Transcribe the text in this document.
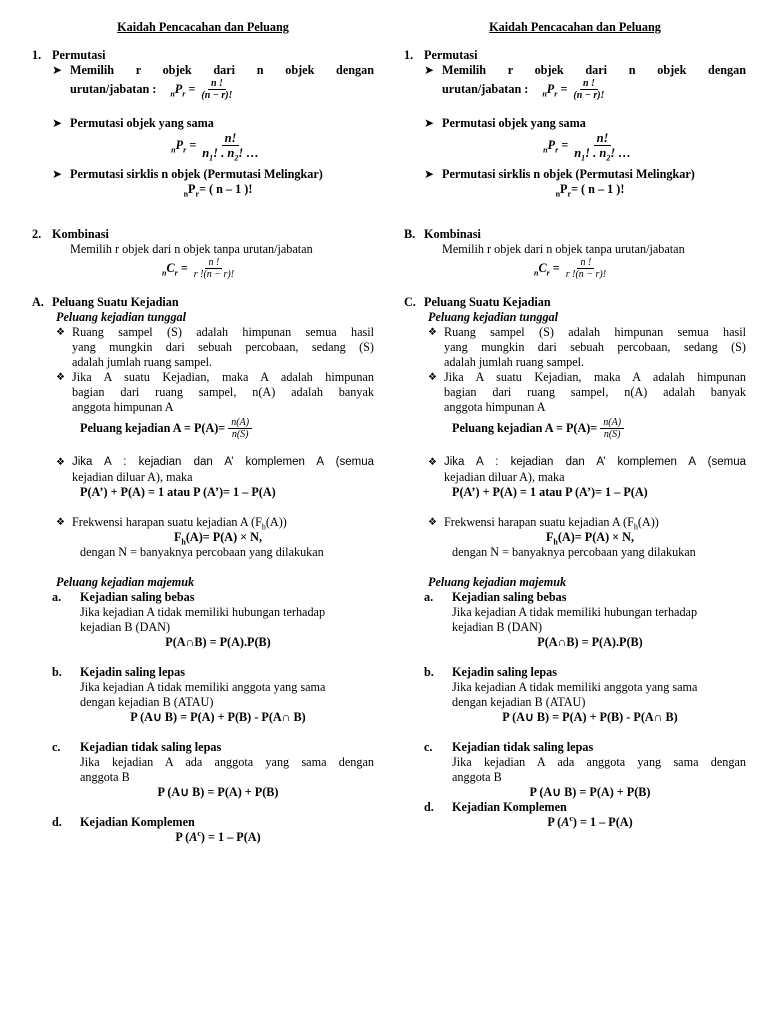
Kaidah Pencacahan dan Peluang
1. Permutasi
➤ Memilih r objek dari n objek dengan
urutan/jabatan : $_nP_r = \frac{n !}{(n - r)!}$
➤ Permutasi objek yang sama
$_nP_r = \frac{n!}{n_1! . n_2! \dots}$
➤ Permutasi sirklis n objek (Permutasi Melingkar)
$_nP_r=$ ( n – 1 )!
2. Kombinasi
Memilih r objek dari n objek tanpa urutan/jabatan
$_nC_r = \frac{n !}{r !(n - r)!}$
A. Peluang Suatu Kejadian
Peluang kejadian tunggal
❖ Ruang sampel (S) adalah himpunan semua hasil
yang mungkin dari sebuah percobaan, sedang (S)
adalah jumlah ruang sampel.
❖ Jika A suatu Kejadian, maka A adalah himpunan
bagian dari ruang sampel, n(A) adalah banyak
anggota himpunan A
Peluang kejadian $A = P(A)= \frac{n(A)}{n(S)}$
❖ Jika A : kejadian dan A’ komplemen A (semua
kejadian diluar A), maka
P(A’) + P(A) = 1 atau P (A’)= 1 – P(A)
❖ Frekwensi harapan suatu kejadian A $(F_h(A))$
$F_h(A)= P(A) \times N$,
dengan N = banyaknya percobaan yang dilakukan
Peluang kejadian majemuk
a.	Kejadian saling bebas
Jika kejadian A tidak memiliki hubungan terhadap
kejadian B (DAN)
P(A∩B) = P(A).P(B)
b.	Kejadin saling lepas
Jika kejadian A tidak memiliki anggota yang sama
dengan kejadian B (ATAU)
P (A∪ B) = P(A) + P(B) - P(A∩ B)
c.	Kejadian tidak saling lepas
Jika kejadian A ada anggota yang sama dengan
anggota B
P (A∪ B) = P(A) + P(B)
d.	Kejadian Komplemen
P $(A^c) = 1 - P(A)$
Kaidah Pencacahan dan Peluang
1. Permutasi
➤ Memilih r objek dari n objek dengan
urutan/jabatan : $_nP_r = \frac{n !}{(n - r)!}$
➤ Permutasi objek yang sama
$_nP_r = \frac{n!}{n_1! . n_2! \dots}$
➤ Permutasi sirklis n objek (Permutasi Melingkar)
$_nP_r=$ ( n – 1 )!
B. Kombinasi
Memilih r objek dari n objek tanpa urutan/jabatan
$_nC_r = \frac{n !}{r !(n - r)!}$
C. Peluang Suatu Kejadian
Peluang kejadian tunggal
❖ Ruang sampel (S) adalah himpunan semua hasil
yang mungkin dari sebuah percobaan, sedang (S)
adalah jumlah ruang sampel.
❖ Jika A suatu Kejadian, maka A adalah himpunan
bagian dari ruang sampel, n(A) adalah banyak
anggota himpunan A
Peluang kejadian $A = P(A)= \frac{n(A)}{n(S)}$
❖ Jika A : kejadian dan A’ komplemen A (semua
kejadian diluar A), maka
P(A’) + P(A) = 1 atau P (A’)= 1 – P(A)
❖ Frekwensi harapan suatu kejadian A $(F_h(A))$
$F_h(A)= P(A) \times N$,
dengan N = banyaknya percobaan yang dilakukan
Peluang kejadian majemuk
a.	Kejadian saling bebas
Jika kejadian A tidak memiliki hubungan terhadap
kejadian B (DAN)
P(A∩B) = P(A).P(B)
b.	Kejadin saling lepas
Jika kejadian A tidak memiliki anggota yang sama
dengan kejadian B (ATAU)
P (A∪ B) = P(A) + P(B) - P(A∩ B)
c.	Kejadian tidak saling lepas
Jika kejadian A ada anggota yang sama dengan
anggota B
P (A∪ B) = P(A) + P(B)
d.	Kejadian Komplemen
P $(A^c) = 1 - P(A)$
